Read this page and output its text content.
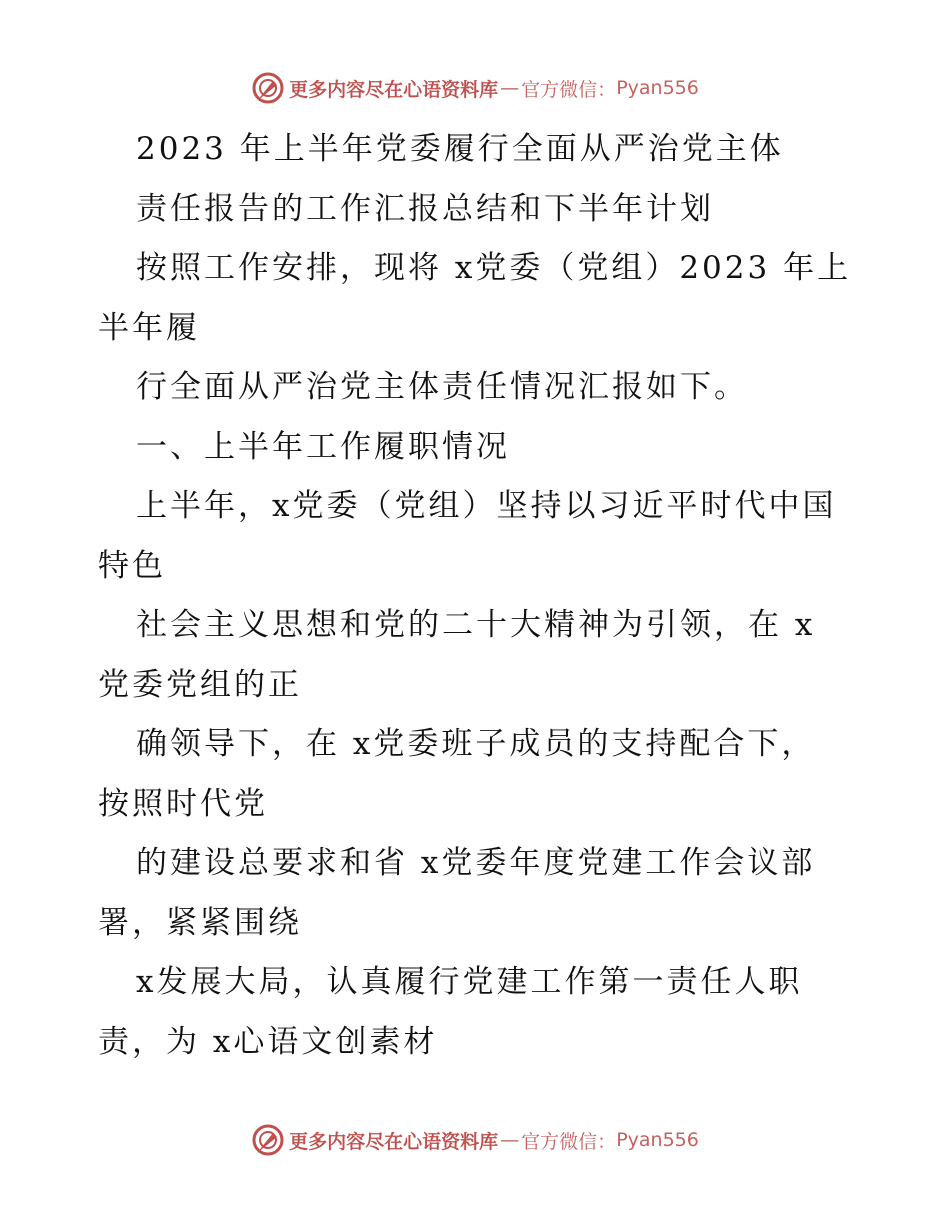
更多内容尽在心语资料库 — 官方微信： Pyan556
2023 年上半年党委履行全面从严治党主体
责任报告的工作汇报总结和下半年计划
按照工作安排，现将 x党委（党组）2023 年上
半年履
行全面从严治党主体责任情况汇报如下。
一、上半年工作履职情况
上半年，x党委（党组）坚持以习近平时代中国
特色
社会主义思想和党的二十大精神为引领，在 x
党委党组的正
确领导下，在 x党委班子成员的支持配合下，
按照时代党
的建设总要求和省 x党委年度党建工作会议部
署，紧紧围绕
x发展大局，认真履行党建工作第一责任人职
责，为 x心语文创素材
更多内容尽在心语资料库 — 官方微信： Pyan556
